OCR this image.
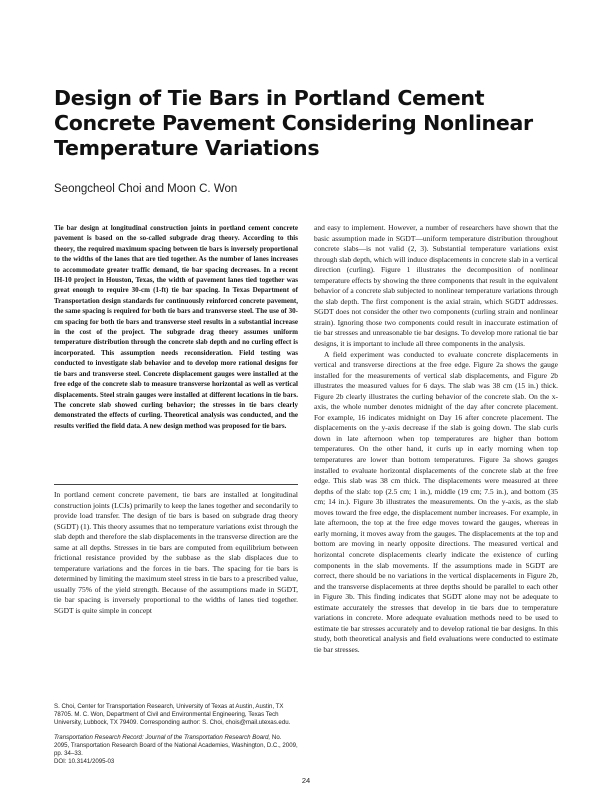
Design of Tie Bars in Portland Cement
Concrete Pavement Considering Nonlinear
Temperature Variations
Seongcheol Choi and Moon C. Won

Tie bar design at longitudinal construction joints in portland cement concrete pavement is based on the so-called subgrade drag theory. According to this theory, the required maximum spacing between tie bars is inversely proportional to the widths of the lanes that are tied together. As the number of lanes increases to accommodate greater traffic demand, tie bar spacing decreases. In a recent IH-10 project in Houston, Texas, the width of pavement lanes tied together was great enough to require 30-cm (1-ft) tie bar spacing. In Texas Department of Transportation design standards for continuously reinforced concrete pavement, the same spacing is required for both tie bars and transverse steel. The use of 30-cm spacing for both tie bars and transverse steel results in a substantial increase in the cost of the project. The subgrade drag theory assumes uniform temperature distribution through the concrete slab depth and no curling effect is incorporated. This assumption needs reconsideration. Field testing was conducted to investigate slab behavior and to develop more rational designs for tie bars and transverse steel. Concrete displacement gauges were installed at the free edge of the concrete slab to measure transverse horizontal as well as vertical displacements. Steel strain gauges were installed at different locations in tie bars. The concrete slab showed curling behavior; the stresses in tie bars clearly demonstrated the effects of curling. Theoretical analysis was conducted, and the results verified the field data. A new design method was proposed for tie bars.

In portland cement concrete pavement, tie bars are installed at longitudinal construction joints (LCJs) primarily to keep the lanes together and secondarily to provide load transfer. The design of tie bars is based on subgrade drag theory (SGDT) (1). This theory assumes that no temperature variations exist through the slab depth and therefore the slab displacements in the transverse direction are the same at all depths. Stresses in tie bars are computed from equilibrium between frictional resistance provided by the subbase as the slab displaces due to temperature variations and the forces in tie bars. The spacing for tie bars is determined by limiting the maximum steel stress in tie bars to a prescribed value, usually 75% of the yield strength. Because of the assumptions made in SGDT, tie bar spacing is inversely proportional to the widths of lanes tied together. SGDT is quite simple in concept

and easy to implement. However, a number of researchers have shown that the basic assumption made in SGDT—uniform temperature distribution throughout concrete slabs—is not valid (2, 3). Substantial temperature variations exist through slab depth, which will induce displacements in concrete slab in a vertical direction (curling). Figure 1 illustrates the decomposition of nonlinear temperature effects by showing the three components that result in the equivalent behavior of a concrete slab subjected to nonlinear temperature variations through the slab depth. The first component is the axial strain, which SGDT addresses. SGDT does not consider the other two components (curling strain and nonlinear strain). Ignoring those two components could result in inaccurate estimation of tie bar stresses and unreasonable tie bar designs. To develop more rational tie bar designs, it is important to include all three components in the analysis.

A field experiment was conducted to evaluate concrete displacements in vertical and transverse directions at the free edge. Figure 2a shows the gauge installed for the measurements of vertical slab displacements, and Figure 2b illustrates the measured values for 6 days. The slab was 38 cm (15 in.) thick. Figure 2b clearly illustrates the curling behavior of the concrete slab. On the x-axis, the whole number denotes midnight of the day after concrete placement. For example, 16 indicates midnight on Day 16 after concrete placement. The displacements on the y-axis decrease if the slab is going down. The slab curls down in late afternoon when top temperatures are higher than bottom temperatures. On the other hand, it curls up in early morning when top temperatures are lower than bottom temperatures. Figure 3a shows gauges installed to evaluate horizontal displacements of the concrete slab at the free edge. This slab was 38 cm thick. The displacements were measured at three depths of the slab: top (2.5 cm; 1 in.), middle (19 cm; 7.5 in.), and bottom (35 cm; 14 in.). Figure 3b illustrates the measurements. On the y-axis, as the slab moves toward the free edge, the displacement number increases. For example, in late afternoon, the top at the free edge moves toward the gauges, whereas in early morning, it moves away from the gauges. The displacements at the top and bottom are moving in nearly opposite directions. The measured vertical and horizontal concrete displacements clearly indicate the existence of curling components in the slab movements. If the assumptions made in SGDT are correct, there should be no variations in the vertical displacements in Figure 2b, and the transverse displacements at three depths should be parallel to each other in Figure 3b. This finding indicates that SGDT alone may not be adequate to estimate accurately the stresses that develop in tie bars due to temperature variations in concrete. More adequate evaluation methods need to be used to estimate tie bar stresses accurately and to develop rational tie bar designs. In this study, both theoretical analysis and field evaluations were conducted to estimate tie bar stresses.

S. Choi, Center for Transportation Research, University of Texas at Austin, Austin, TX 78705. M. C. Won, Department of Civil and Environmental Engineering, Texas Tech University, Lubbock, TX 79409. Corresponding author: S. Choi, chois@mail.utexas.edu.

Transportation Research Record: Journal of the Transportation Research Board, No. 2095, Transportation Research Board of the National Academies, Washington, D.C., 2009, pp. 34–33.

DOI: 10.3141/2095-03

24
